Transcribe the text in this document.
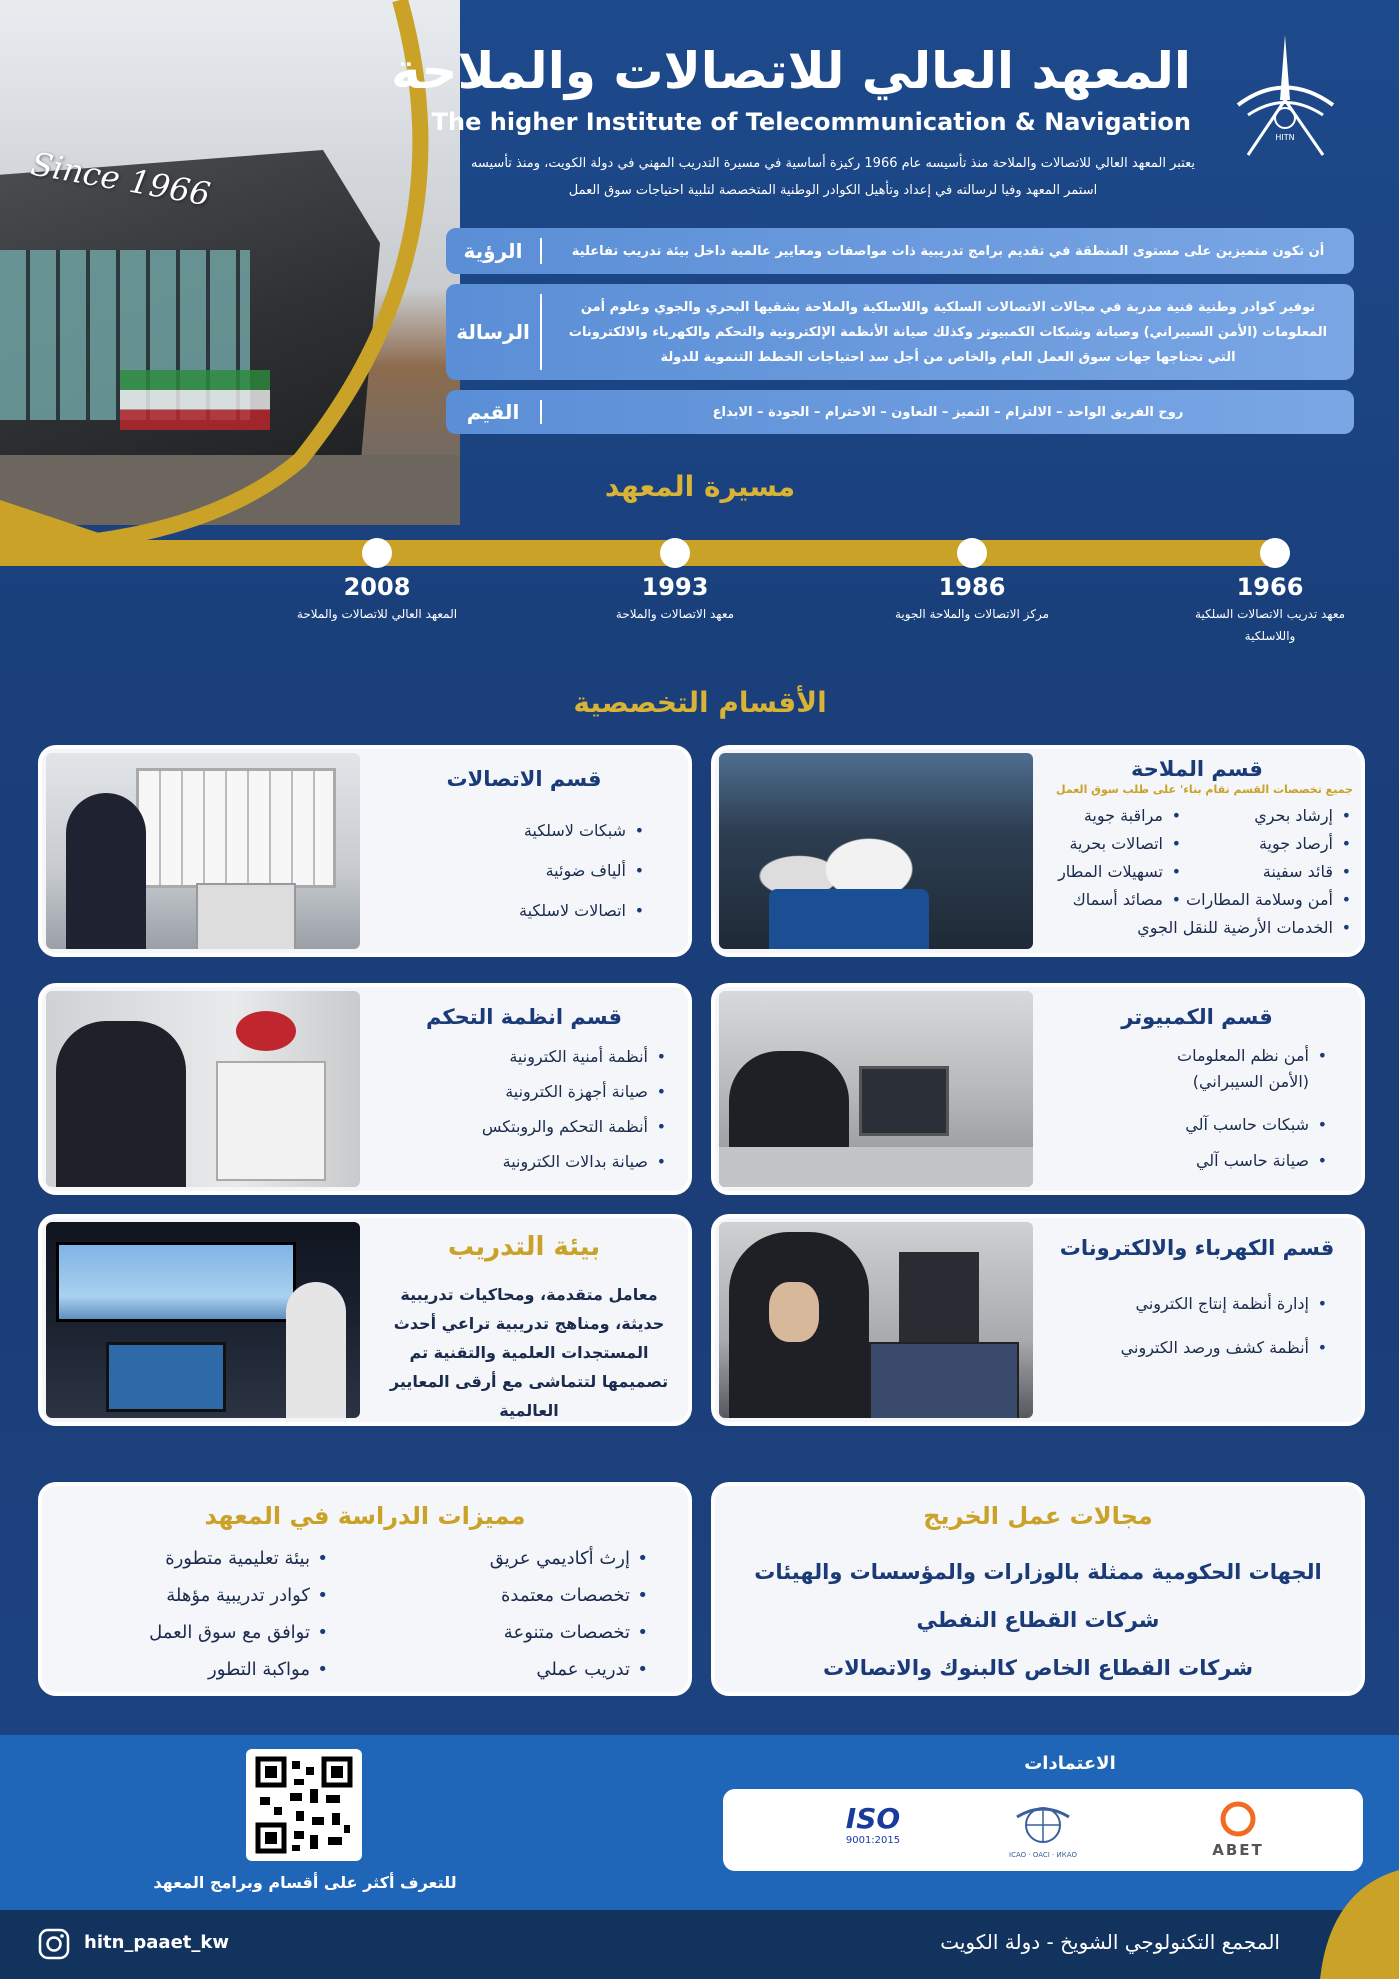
Since 1966
HITN
المعهد العالي للاتصالات والملاحة
The higher Institute of Telecommunication & Navigation
يعتبر المعهد العالي للاتصالات والملاحة منذ تأسيسه عام 1966 ركيزة أساسية في مسيرة التدريب المهني في دولة الكويت، ومنذ تأسيسه استمر المعهد وفيا لرسالته في إعداد وتأهيل الكوادر الوطنية المتخصصة لتلبية احتياجات سوق العمل
الرؤية	أن تكون متميزين على مستوى المنطقة في تقديم برامج تدريبية ذات مواصفات ومعايير عالمية داخل بيئة تدريب تفاعلية
الرسالة
توفير كوادر وطنية فنية مدربة في مجالات الاتصالات السلكية واللاسلكية والملاحة بشقيها البحري والجوي وعلوم أمن المعلومات (الأمن السيبراني) وصيانة وشبكات الكمبيوتر وكذلك صيانة الأنظمة الإلكترونية والتحكم والكهرباء والالكترونات التي تحتاجها جهات سوق العمل العام والخاص من أجل سد احتياجات الخطط التنموية للدولة
القيم	روح الفريق الواحد – الالتزام – التميز – التعاون – الاحترام – الجودة – الابداع
مسيرة المعهد
1966
معهد تدريب الاتصالات السلكية واللاسلكية
1986
مركز الاتصالات والملاحة الجوية
1993
معهد الاتصالات والملاحة
2008
المعهد العالي للاتصالات والملاحة
الأقسام التخصصية
قسم الملاحة
جميع تخصصات القسم تقام بناء' على طلب سوق العمل
• إرشاد بحري
• أرصاد جوية
• قائد سفينة
• أمن وسلامة المطارات
• الخدمات الأرضية للنقل الجوي
• مراقبة جوية
• اتصالات بحرية
• تسهيلات المطار
• مصائد أسماك
قسم الاتصالات
• شبكات لاسلكية
• ألياف ضوئية
• اتصالات لاسلكية
قسم الكمبيوتر
• أمن نظم المعلومات (الأمن السيبراني)
• شبكات حاسب آلي
• صيانة حاسب آلي
قسم انظمة التحكم
• أنظمة أمنية الكترونية
• صيانة أجهزة الكترونية
• أنظمة التحكم والروبتكس
• صيانة بدالات الكترونية
قسم الكهرباء والالكترونات
• إدارة أنظمة إنتاج الكتروني
• أنظمة كشف ورصد الكتروني
بيئة التدريب
معامل متقدمة، ومحاكيات تدريبية حديثة، ومناهج تدريبية تراعي أحدث المستجدات العلمية والتقنية تم تصميمها لتتماشى مع أرقى المعايير العالمية
مجالات عمل الخريج
الجهات الحكومية ممثلة بالوزارات والمؤسسات والهيئات
شركات القطاع النفطي
شركات القطاع الخاص كالبنوك والاتصالات
مميزات الدراسة في المعهد
• إرث أكاديمي عريق
• تخصصات معتمدة
• تخصصات متنوعة
• تدريب عملي
• بيئة تعليمية متطورة
• كوادر تدريبية مؤهلة
• توافق مع سوق العمل
• مواكبة التطور
الاعتمادات
ISO
9001:2015
ICAO · OACI · ИКАО	ABET
للتعرف أكثر على أقسام وبرامج المعهد
hitn_paaet_kw	المجمع التكنولوجي الشويخ - دولة الكويت
